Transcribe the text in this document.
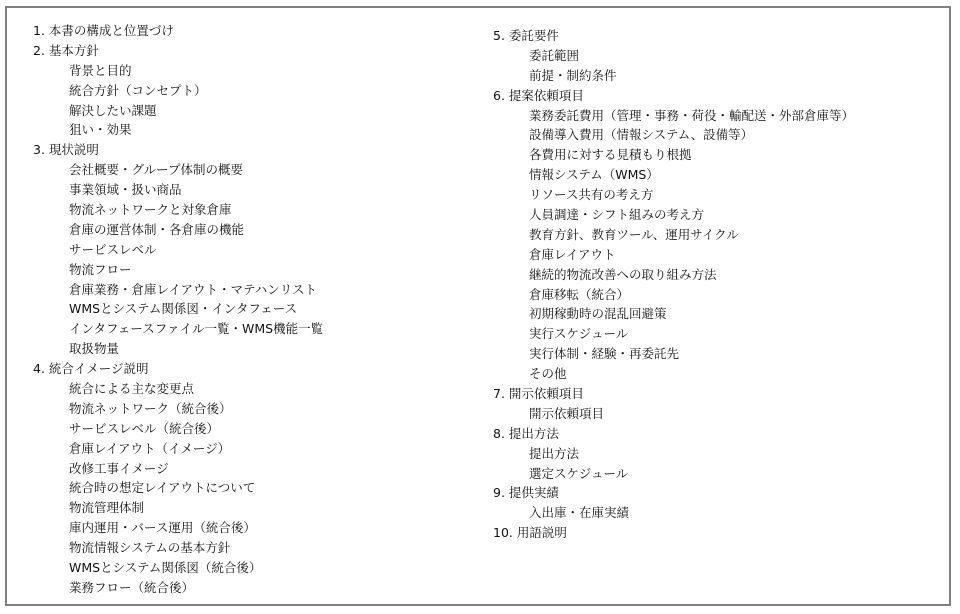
1. 本書の構成と位置づけ
2. 基本方針
背景と目的
統合方針（コンセプト）
解決したい課題
狙い・効果
3. 現状説明
会社概要・グループ体制の概要
事業領域・扱い商品
物流ネットワークと対象倉庫
倉庫の運営体制・各倉庫の機能
サービスレベル
物流フロー
倉庫業務・倉庫レイアウト・マテハンリスト
WMSとシステム関係図・インタフェース
インタフェースファイル一覧・WMS機能一覧
取扱物量
4. 統合イメージ説明
統合による主な変更点
物流ネットワーク（統合後）
サービスレベル（統合後）
倉庫レイアウト（イメージ）
改修工事イメージ
統合時の想定レイアウトについて
物流管理体制
庫内運用・バース運用（統合後）
物流情報システムの基本方針
WMSとシステム関係図（統合後）
業務フロー（統合後）
5. 委託要件
委託範囲
前提・制約条件
6. 提案依頼項目
業務委託費用（管理・事務・荷役・輸配送・外部倉庫等）
設備導入費用（情報システム、設備等）
各費用に対する見積もり根拠
情報システム（WMS）
リソース共有の考え方
人員調達・シフト組みの考え方
教育方針、教育ツール、運用サイクル
倉庫レイアウト
継続的物流改善への取り組み方法
倉庫移転（統合）
初期稼動時の混乱回避策
実行スケジュール
実行体制・経験・再委託先
その他
7. 開示依頼項目
開示依頼項目
8. 提出方法
提出方法
選定スケジュール
9. 提供実績
入出庫・在庫実績
10. 用語説明
